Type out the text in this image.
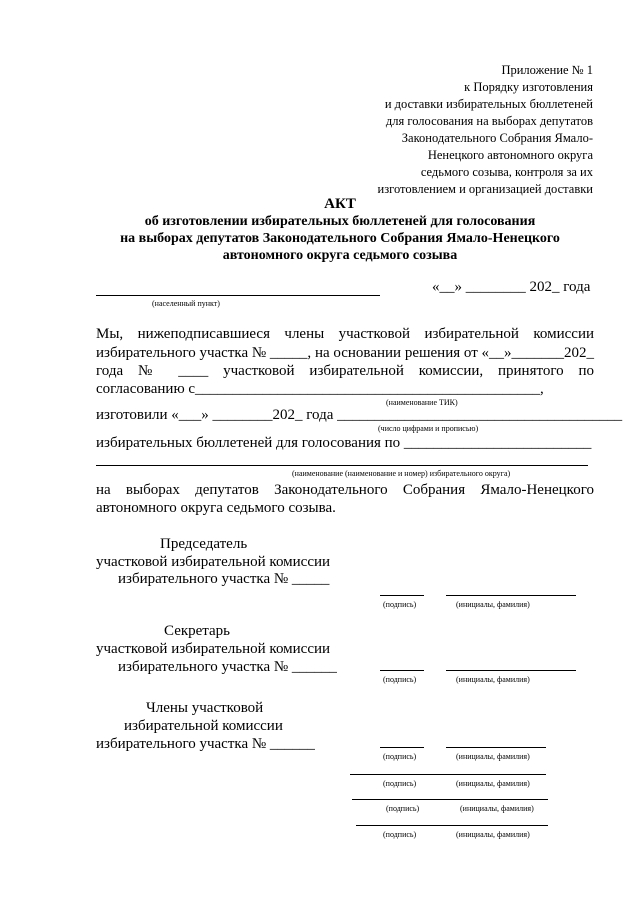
Приложение № 1
к Порядку изготовления
и доставки избирательных бюллетеней
для голосования на выборах депутатов
Законодательного Собрания Ямало-
Ненецкого автономного округа
седьмого созыва, контроля за их
изготовлением и организацией доставки
АКТ
об изготовлении избирательных бюллетеней для голосования
на выборах депутатов Законодательного Собрания Ямало-Ненецкого
автономного округа седьмого созыва
(населенный пункт)
«__» ________ 202_ года
Мы, нижеподписавшиеся члены участковой избирательной комиссии
избирательного участка № _____, на основании решения от «__»_______202_
года № ____ участковой избирательной комиссии, принятого по
согласованию с______________________________________________,
(наименование ТИК)
изготовили «___» ________202_ года ______________________________________
(число цифрами и прописью)
избирательных бюллетеней для голосования по _________________________
(наименование (наименование и номер) избирательного округа)
на выборах депутатов Законодательного Собрания Ямало-Ненецкого
автономного округа седьмого созыва.
Председатель
участковой избирательной комиссии
избирательного участка № _____
(подпись)	(инициалы, фамилия)
Секретарь
участковой избирательной комиссии
избирательного участка № ______
(подпись)	(инициалы, фамилия)
Члены участковой
избирательной комиссии
избирательного участка № ______
(подпись)	(инициалы, фамилия)
(подпись)	(инициалы, фамилия)
(подпись)	(инициалы, фамилия)
(подпись)	(инициалы, фамилия)
